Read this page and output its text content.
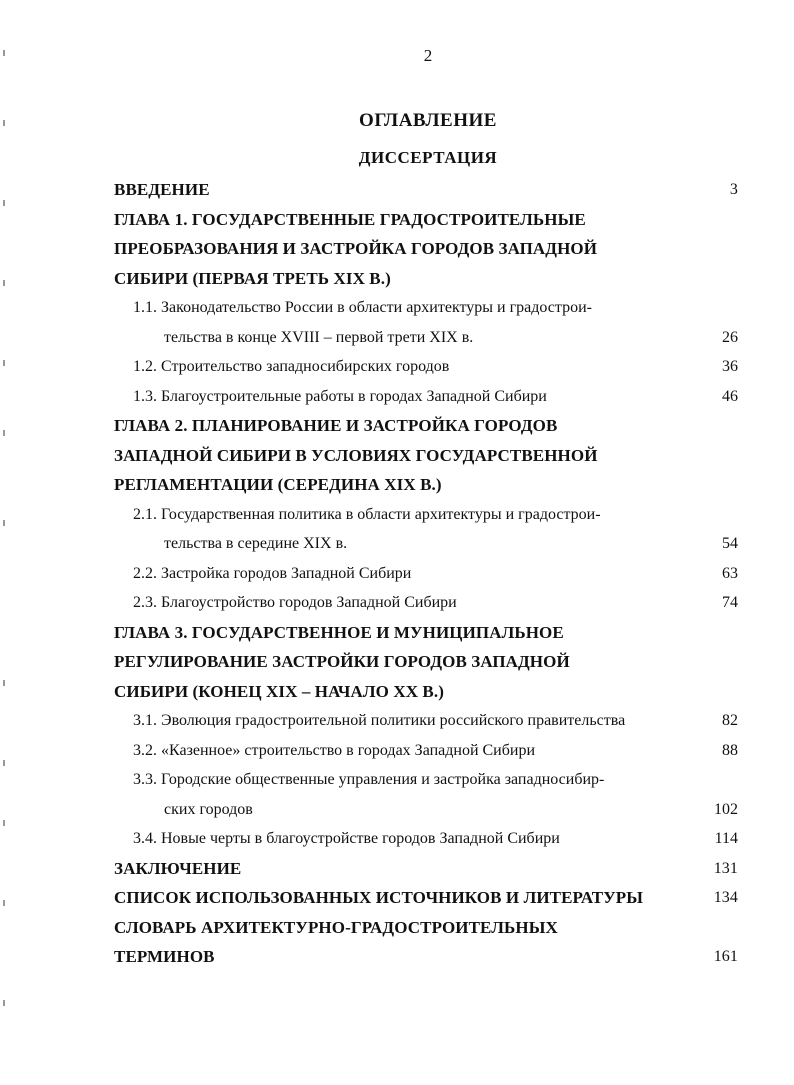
2
ОГЛАВЛЕНИЕ
ДИССЕРТАЦИЯ
ВВЕДЕНИЕ	3
ГЛАВА 1. ГОСУДАРСТВЕННЫЕ ГРАДОСТРОИТЕЛЬНЫЕ
ПРЕОБРАЗОВАНИЯ И ЗАСТРОЙКА ГОРОДОВ ЗАПАДНОЙ
СИБИРИ (ПЕРВАЯ ТРЕТЬ XIX В.)
1.1. Законодательство России в области архитектуры и градострои-
тельства в конце XVIII – первой трети XIX в.	26
1.2. Строительство западносибирских городов	36
1.3. Благоустроительные работы в городах Западной Сибири	46
ГЛАВА 2. ПЛАНИРОВАНИЕ И ЗАСТРОЙКА ГОРОДОВ
ЗАПАДНОЙ СИБИРИ В УСЛОВИЯХ ГОСУДАРСТВЕННОЙ
РЕГЛАМЕНТАЦИИ (СЕРЕДИНА XIX В.)
2.1. Государственная политика в области архитектуры и градострои-
тельства в середине XIX в.	54
2.2. Застройка городов Западной Сибири	63
2.3. Благоустройство городов Западной Сибири	74
ГЛАВА 3. ГОСУДАРСТВЕННОЕ И МУНИЦИПАЛЬНОЕ
РЕГУЛИРОВАНИЕ ЗАСТРОЙКИ ГОРОДОВ ЗАПАДНОЙ
СИБИРИ (КОНЕЦ XIX – НАЧАЛО XX В.)
3.1. Эволюция градостроительной политики российского правительства	82
3.2. «Казенное» строительство в городах Западной Сибири	88
3.3. Городские общественные управления и застройка западносибир-
ских городов	102
3.4. Новые черты в благоустройстве городов Западной Сибири	114
ЗАКЛЮЧЕНИЕ	131
СПИСОК ИСПОЛЬЗОВАННЫХ ИСТОЧНИКОВ И ЛИТЕРАТУРЫ	134
СЛОВАРЬ АРХИТЕКТУРНО-ГРАДОСТРОИТЕЛЬНЫХ
ТЕРМИНОВ	161
